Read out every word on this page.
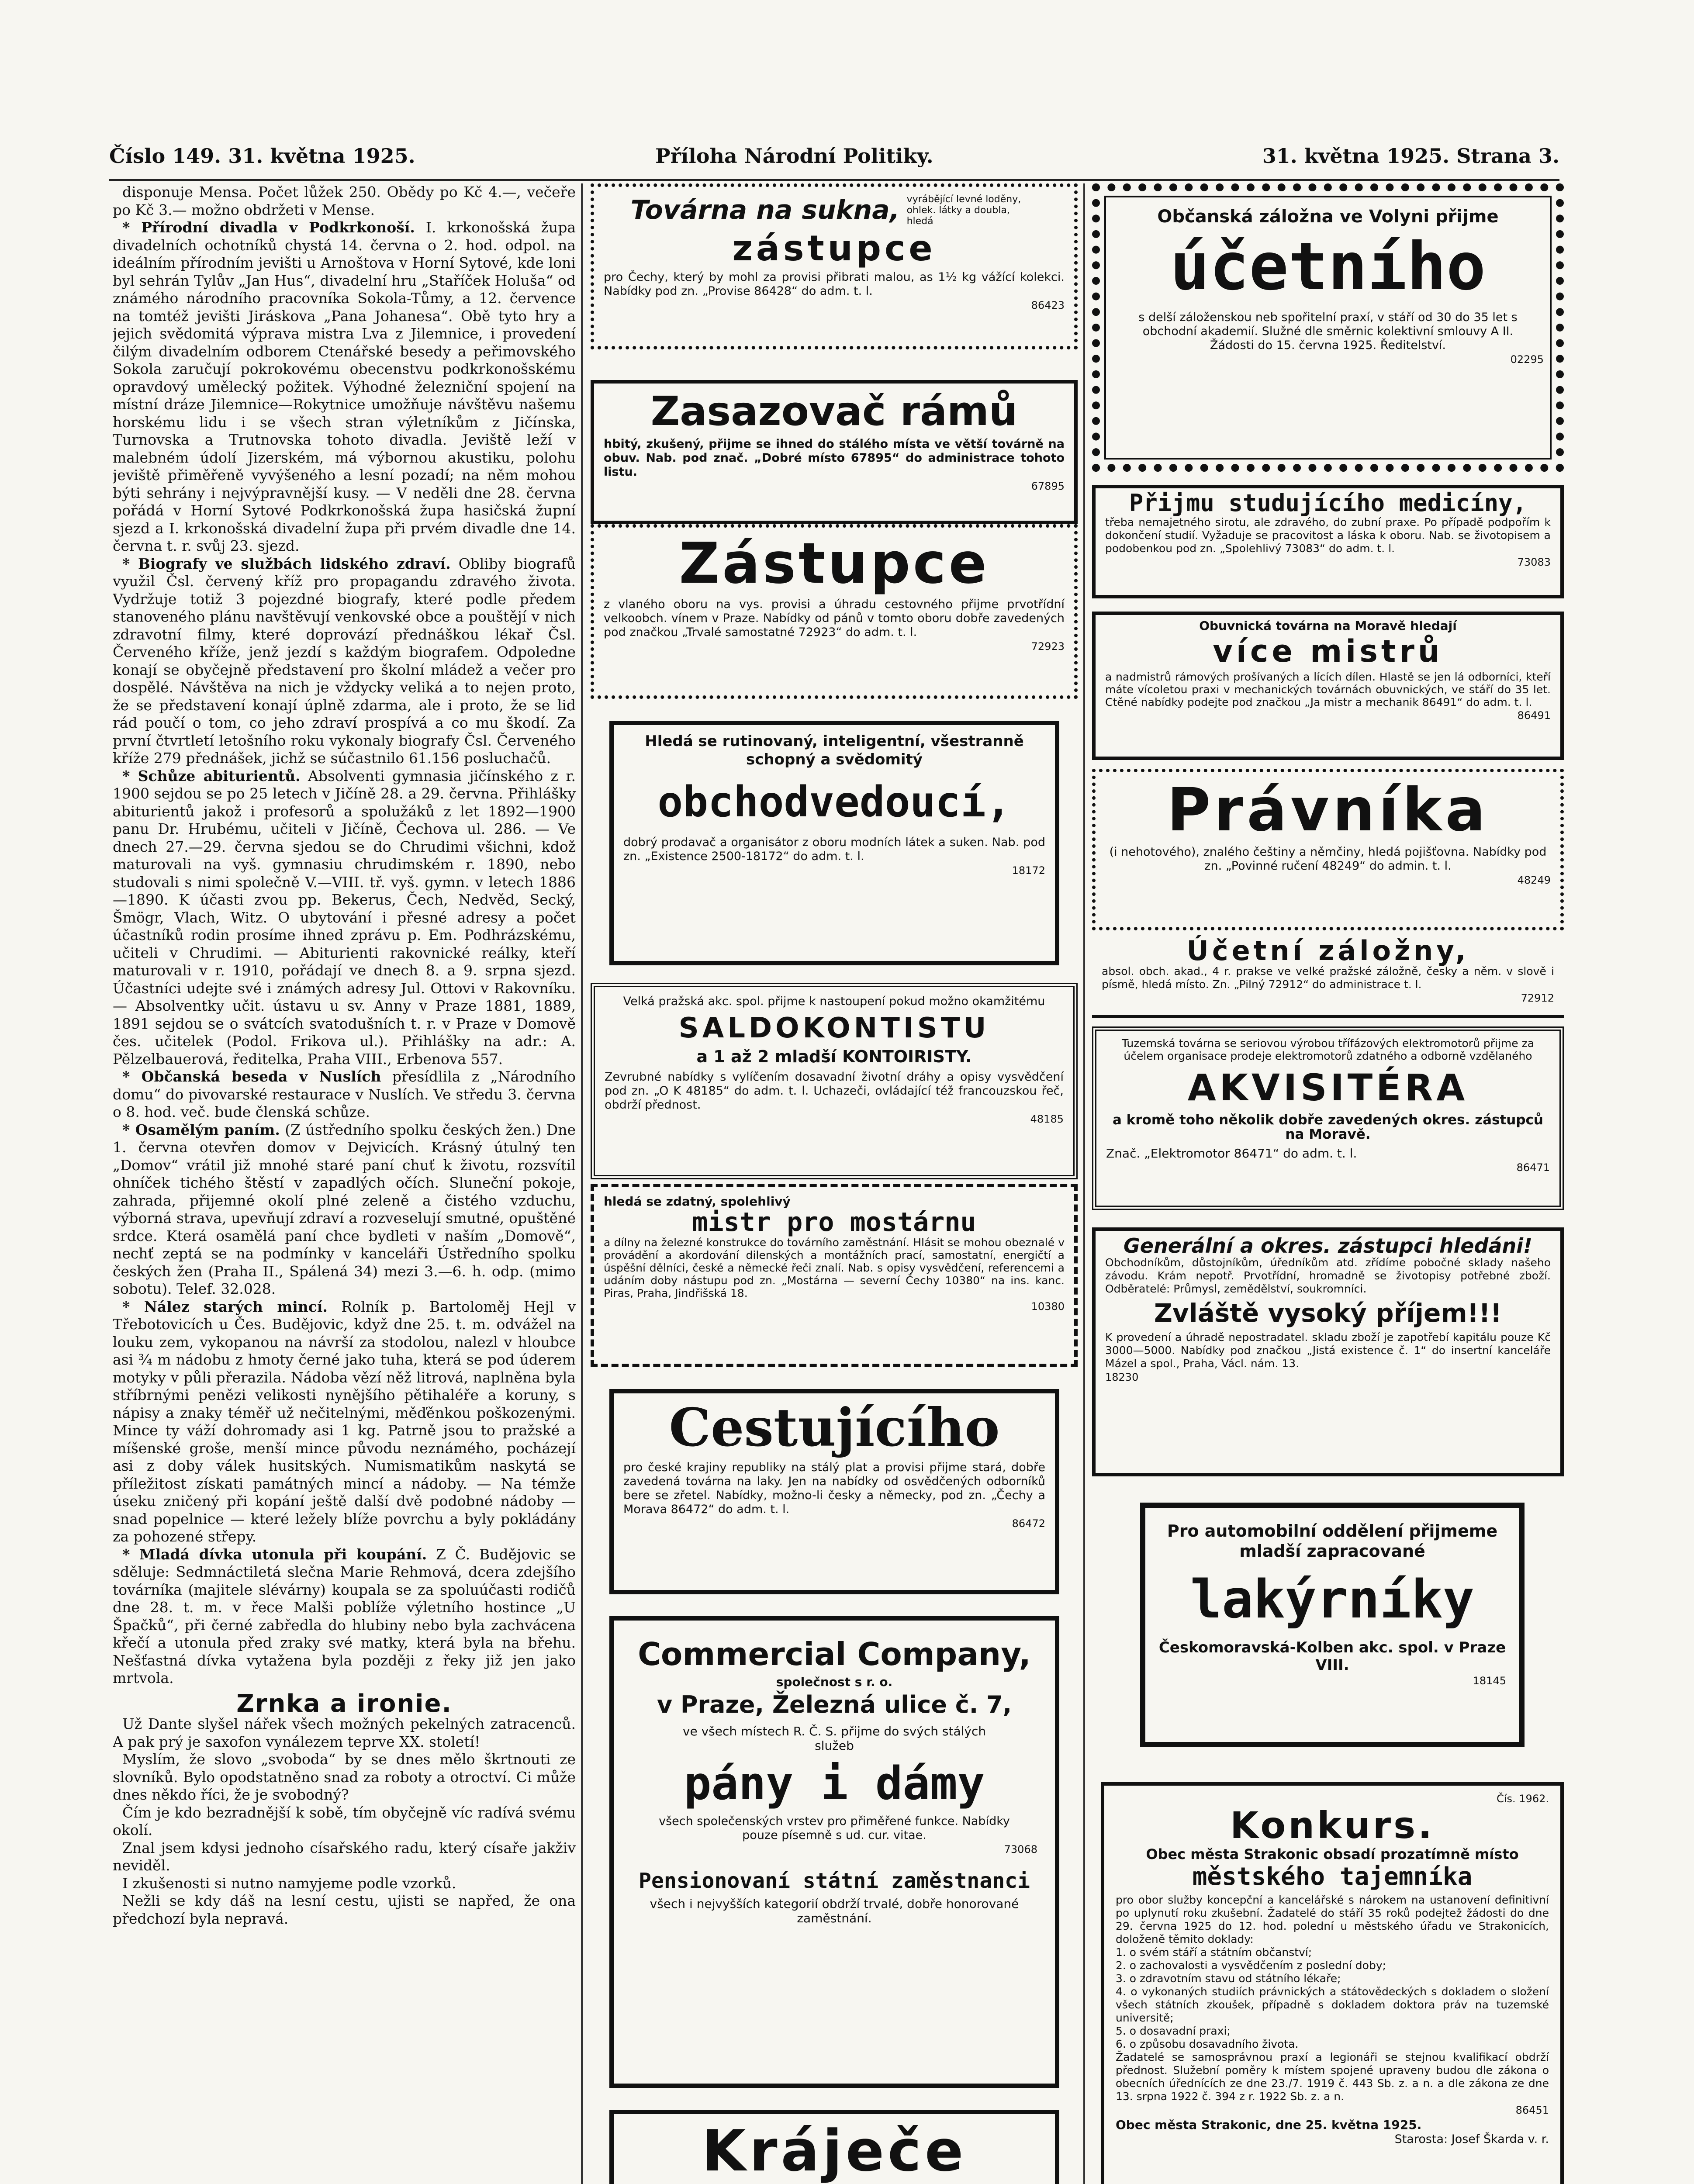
Číslo 149. 31. května 1925.	Příloha Národní Politiky.	31. května 1925. Strana 3.

disponuje Mensa. Počet lůžek 250. Obědy po Kč 4.—, večeře po Kč 3.— možno obdržeti v Mense.

* Přírodní divadla v Podkrkonoší. I. krkonošská župa divadelních ochotníků chystá 14. června o 2. hod. odpol. na ideálním přírodním jevišti u Arnoštova v Horní Sytové, kde loni byl sehrán Tylův „Jan Hus“, divadelní hru „Staříček Holuša“ od známého národního pracovníka Sokola-Tůmy, a 12. července na tomtéž jevišti Jiráskova „Pana Johanesa“. Obě tyto hry a jejich svědomitá výprava mistra Lva z Jilemnice, i provedení čilým divadelním odborem Ctenářské besedy a peřimovského Sokola zaručují pokrokovému obecenstvu podkrkonošskému opravdový umělecký požitek. Výhodné železniční spojení na místní dráze Jilemnice—Rokytnice umožňuje návštěvu našemu horskému lidu i se všech stran výletníkům z Jičínska, Turnovska a Trutnovska tohoto divadla. Jeviště leží v malebném údolí Jizerském, má výbornou akustiku, polohu jeviště přiměřeně vyvýšeného a lesní pozadí; na něm mohou býti sehrány i nejvýpravnější kusy. — V neděli dne 28. června pořádá v Horní Sytové Podkrkonošská župa hasičská župní sjezd a I. krkonošská divadelní župa při prvém divadle dne 14. června t. r. svůj 23. sjezd.

* Biografy ve službách lidského zdraví. Obliby biografů využil Čsl. červený kříž pro propagandu zdravého života. Vydržuje totiž 3 pojezdné biografy, které podle předem stanoveného plánu navštěvují venkovské obce a pouštějí v nich zdravotní filmy, které doprovází přednáškou lékař Čsl. Červeného kříže, jenž jezdí s každým biografem. Odpoledne konají se obyčejně představení pro školní mládež a večer pro dospělé. Návštěva na nich je vždycky veliká a to nejen proto, že se představení konají úplně zdarma, ale i proto, že se lid rád poučí o tom, co jeho zdraví prospívá a co mu škodí. Za první čtvrtletí letošního roku vykonaly biografy Čsl. Červeného kříže 279 přednášek, jichž se súčastnilo 61.156 posluchačů.

* Schůze abiturientů. Absolventi gymnasia jičínského z r. 1900 sejdou se po 25 letech v Jičíně 28. a 29. června. Přihlášky abiturientů jakož i profesorů a spolužáků z let 1892—1900 panu Dr. Hrubému, učiteli v Jičíně, Čechova ul. 286. — Ve dnech 27.—29. června sjedou se do Chrudimi všichni, kdož maturovali na vyš. gymnasiu chrudimském r. 1890, nebo studovali s nimi společně V.—VIII. tř. vyš. gymn. v letech 1886—1890. K účasti zvou pp. Bekerus, Čech, Nedvěd, Secký, Šmögr, Vlach, Witz. O ubytování i přesné adresy a počet účastníků rodin prosíme ihned zprávu p. Em. Podhrázskému, učiteli v Chrudimi. — Abiturienti rakovnické reálky, kteří maturovali v r. 1910, pořádají ve dnech 8. a 9. srpna sjezd. Účastníci udejte své i známých adresy Jul. Ottovi v Rakovníku. — Absolventky učit. ústavu u sv. Anny v Praze 1881, 1889, 1891 sejdou se o svátcích svatodušních t. r. v Praze v Domově čes. učitelek (Podol. Frikova ul.). Přihlášky na adr.: A. Pělzelbauerová, ředitelka, Praha VIII., Erbenova 557.

* Občanská beseda v Nuslích přesídlila z „Národního domu“ do pivovarské restaurace v Nuslích. Ve středu 3. června o 8. hod. več. bude členská schůze.

* Osamělým paním. (Z ústředního spolku českých žen.) Dne 1. června otevřen domov v Dejvicích. Krásný útulný ten „Domov“ vrátil již mnohé staré paní chuť k životu, rozsvítil ohníček tichého štěstí v zapadlých očích. Sluneční pokoje, zahrada, přijemné okolí plné zeleně a čistého vzduchu, výborná strava, upevňují zdraví a rozveselují smutné, opuštěné srdce. Která osamělá paní chce bydleti v naším „Domově“, nechť zeptá se na podmínky v kanceláři Ústředního spolku českých žen (Praha II., Spálená 34) mezi 3.—6. h. odp. (mimo sobotu). Telef. 32.028.

* Nález starých mincí. Rolník p. Bartoloměj Hejl v Třebotovicích u Čes. Budějovic, když dne 25. t. m. odvážel na louku zem, vykopanou na návrší za stodolou, nalezl v hloubce asi ¾ m nádobu z hmoty černé jako tuha, která se pod úderem motyky v půli přerazila. Nádoba vězí něž litrová, naplněna byla stříbrnými penězi velikosti nynějšího pětihaléře a koruny, s nápisy a znaky téměř už nečitelnými, měďěnkou poškozenými. Mince ty váží dohromady asi 1 kg. Patrně jsou to pražské a míšenské groše, menší mince původu neznámého, pocházejí asi z doby válek husitských. Numismatikům naskytá se příležitost získati památných mincí a nádoby. — Na témže úseku zničený při kopání ještě další dvě podobné nádoby — snad popelnice — které ležely blíže povrchu a byly pokládány za pohozené střepy.

* Mladá dívka utonula při koupání. Z Č. Budějovic se sděluje: Sedmnáctiletá slečna Marie Rehmová, dcera zdejšího továrníka (majitele slévárny) koupala se za spoluúčasti rodičů dne 28. t. m. v řece Malši poblíže výletního hostince „U Špačků“, při černé zabředla do hlubiny nebo byla zachvácena křečí a utonula před zraky své matky, která byla na břehu. Nešťastná dívka vytažena byla později z řeky již jen jako mrtvola.

Zrnka a ironie.

Už Dante slyšel nářek všech možných pekelných zatracenců. A pak prý je saxofon vynálezem teprve XX. století!

Myslím, že slovo „svoboda“ by se dnes mělo škrtnouti ze slovníků. Bylo opodstatněno snad za roboty a otroctví. Ci může dnes někdo říci, že je svobodný?

Čím je kdo bezradnější k sobě, tím obyčejně víc radívá svému okolí.

Znal jsem kdysi jednoho císařského radu, který císaře jakživ neviděl.

I zkušenosti si nutno namyjeme podle vzorků.

Nežli se kdy dáš na lesní cestu, ujisti se napřed, že ona předchozí byla nepravá.

Továrna na sukna, vyrábějící levné loděny, ohlek. látky a doubla, hledá
zástupce
pro Čechy, který by mohl za provisi přibrati malou, as 1½ kg vážící kolekci. Nabídky pod zn. „Provise 86428“ do adm. t. l.
86423
Zasazovač rámů
hbitý, zkušený, přijme se ihned do stálého místa ve větší továrně na obuv. Nab. pod znač. „Dobré místo 67895“ do administrace tohoto listu.
67895
Zástupce
z vlaného oboru na vys. provisi a úhradu cestovného přijme prvotřídní velkoobch. vínem v Praze. Nabídky od pánů v tomto oboru dobře zavedených pod značkou „Trvalé samostatné 72923“ do adm. t. l.
72923
Hledá se rutinovaný, inteligentní, všestranně schopný a svědomitý
obchodvedoucí,
dobrý prodavač a organisátor z oboru modních látek a suken. Nab. pod zn. „Existence 2500-18172“ do adm. t. l.
18172
Velká pražská akc. spol. přijme k nastoupení pokud možno okamžitému
SALDOKONTISTU
a 1 až 2 mladší KONTOIRISTY.
Zevrubné nabídky s vylíčením dosavadní životní dráhy a opisy vysvědčení pod zn. „O K 48185“ do adm. t. l. Uchazeči, ovládající též francouzskou řeč, obdrží přednost.
48185
hledá se zdatný, spolehlivý
mistr pro mostárnu
a dílny na železné konstrukce do továrního zaměstnání. Hlásit se mohou obeznalé v provádění a akordování dilenských a montážních prací, samostatní, energičtí a úspěšní dělníci, české a německé řeči znalí. Nab. s opisy vysvědčení, referencemi a udáním doby nástupu pod zn. „Mostárna — severní Čechy 10380“ na ins. kanc. Piras, Praha, Jindřišská 18.
10380
Cestujícího
pro české krajiny republiky na stálý plat a provisi přijme stará, dobře zavedená továrna na laky. Jen na nabídky od osvědčených odborníků bere se zřetel. Nabídky, možno-li česky a německy, pod zn. „Čechy a Morava 86472“ do adm. t. l.
86472
Commercial Company,
společnost s r. o.
v Praze, Železná ulice č. 7,
ve všech místech R. Č. S. přijme do svých stálých služeb
pány i dámy
všech společenských vrstev pro přiměřené funkce. Nabídky pouze písemně s ud. cur. vitae.
73068
Pensionovaní státní zaměstnanci
všech i nejvyšších kategorií obdrží trvalé, dobře honorované zaměstnání.
Kráječe
Občanská záložna ve Volyni přijme
účetního
s delší záloženskou neb spořitelní praxí, v stáří od 30 do 35 let s obchodní akademií. Služné dle směrnic kolektivní smlouvy A II. Žádosti do 15. června 1925. Ředitelství.
02295
Přijmu studujícího medicíny,
třeba nemajetného sirotu, ale zdravého, do zubní praxe. Po případě podpořím k dokončení studií. Vyžaduje se pracovitost a láska k oboru. Nab. se životopisem a podobenkou pod zn. „Spolehlivý 73083“ do adm. t. l.
73083
Obuvnická továrna na Moravě hledají
více mistrů
a nadmistrů rámových prošívaných a lících dílen. Hlastě se jen lá odborníci, kteří máte vícoletou praxi v mechanických továrnách obuvnických, ve stáří do 35 let. Ctěné nabídky podejte pod značkou „Ja mistr a mechanik 86491“ do adm. t. l.
86491
Právníka
(i nehotového), znalého češtiny a němčiny, hledá pojišťovna. Nabídky pod zn. „Povinné ručení 48249“ do admin. t. l.
48249
Účetní záložny,
absol. obch. akad., 4 r. prakse ve velké pražské záložně, česky a něm. v slově i písmě, hledá místo. Zn. „Pilný 72912“ do administrace t. l.
72912
Tuzemská továrna se seriovou výrobou třífázových elektromotorů přijme za účelem organisace prodeje elektromotorů zdatného a odborně vzdělaného
AKVISITÉRA
a kromě toho několik dobře zavedených okres. zástupců na Moravě.
Znač. „Elektromotor 86471“ do adm. t. l.
86471
Generální a okres. zástupci hledáni!
Obchodníkům, důstojníkům, úředníkům atd. zřídíme pobočné sklady našeho závodu. Krám nepotř. Prvotřídní, hromadně se životopisy potřebné zboží. Odběratelé: Průmysl, zemědělství, soukromníci.
Zvláště vysoký příjem!!!
K provedení a úhradě nepostradatel. skladu zboží je zapotřebí kapitálu pouze Kč 3000—5000. Nabídky pod značkou „Jistá existence č. 1“ do insertní kanceláře Mázel a spol., Praha, Václ. nám. 13.
18230
Pro automobilní oddělení přijmeme mladší zapracované
lakýrníky
Českomoravská-Kolben akc. spol. v Praze VIII.
18145
Čís. 1962.
Konkurs.
Obec města Strakonic obsadí prozatímně místo
městského tajemníka
pro obor služby koncepční a kancelářské s nárokem na ustanovení definitivní po uplynutí roku zkušební. Žadatelé do stáří 35 roků podejtež žádosti do dne 29. června 1925 do 12. hod. polední u městského úřadu ve Strakonicích, doloženě těmito doklady:
1. o svém stáří a státním občanství;
2. o zachovalosti a vysvědčením z poslední doby;
3. o zdravotním stavu od státního lékaře;
4. o vykonaných studiích právnických a státovědeckých s dokladem o složení všech státních zkoušek, případně s dokladem doktora práv na tuzemské universitě;
5. o dosavadní praxi;
6. o způsobu dosavadního života.
Žadatelé se samosprávnou praxí a legionáři se stejnou kvalifikací obdrží přednost. Služební poměry k místem spojené upraveny budou dle zákona o obecních úřednících ze dne 23./7. 1919 č. 443 Sb. z. a n. a dle zákona ze dne 13. srpna 1922 č. 394 z r. 1922 Sb. z. a n.
86451
Obec města Strakonic, dne 25. května 1925.
Starosta: Josef Škarda v. r.
